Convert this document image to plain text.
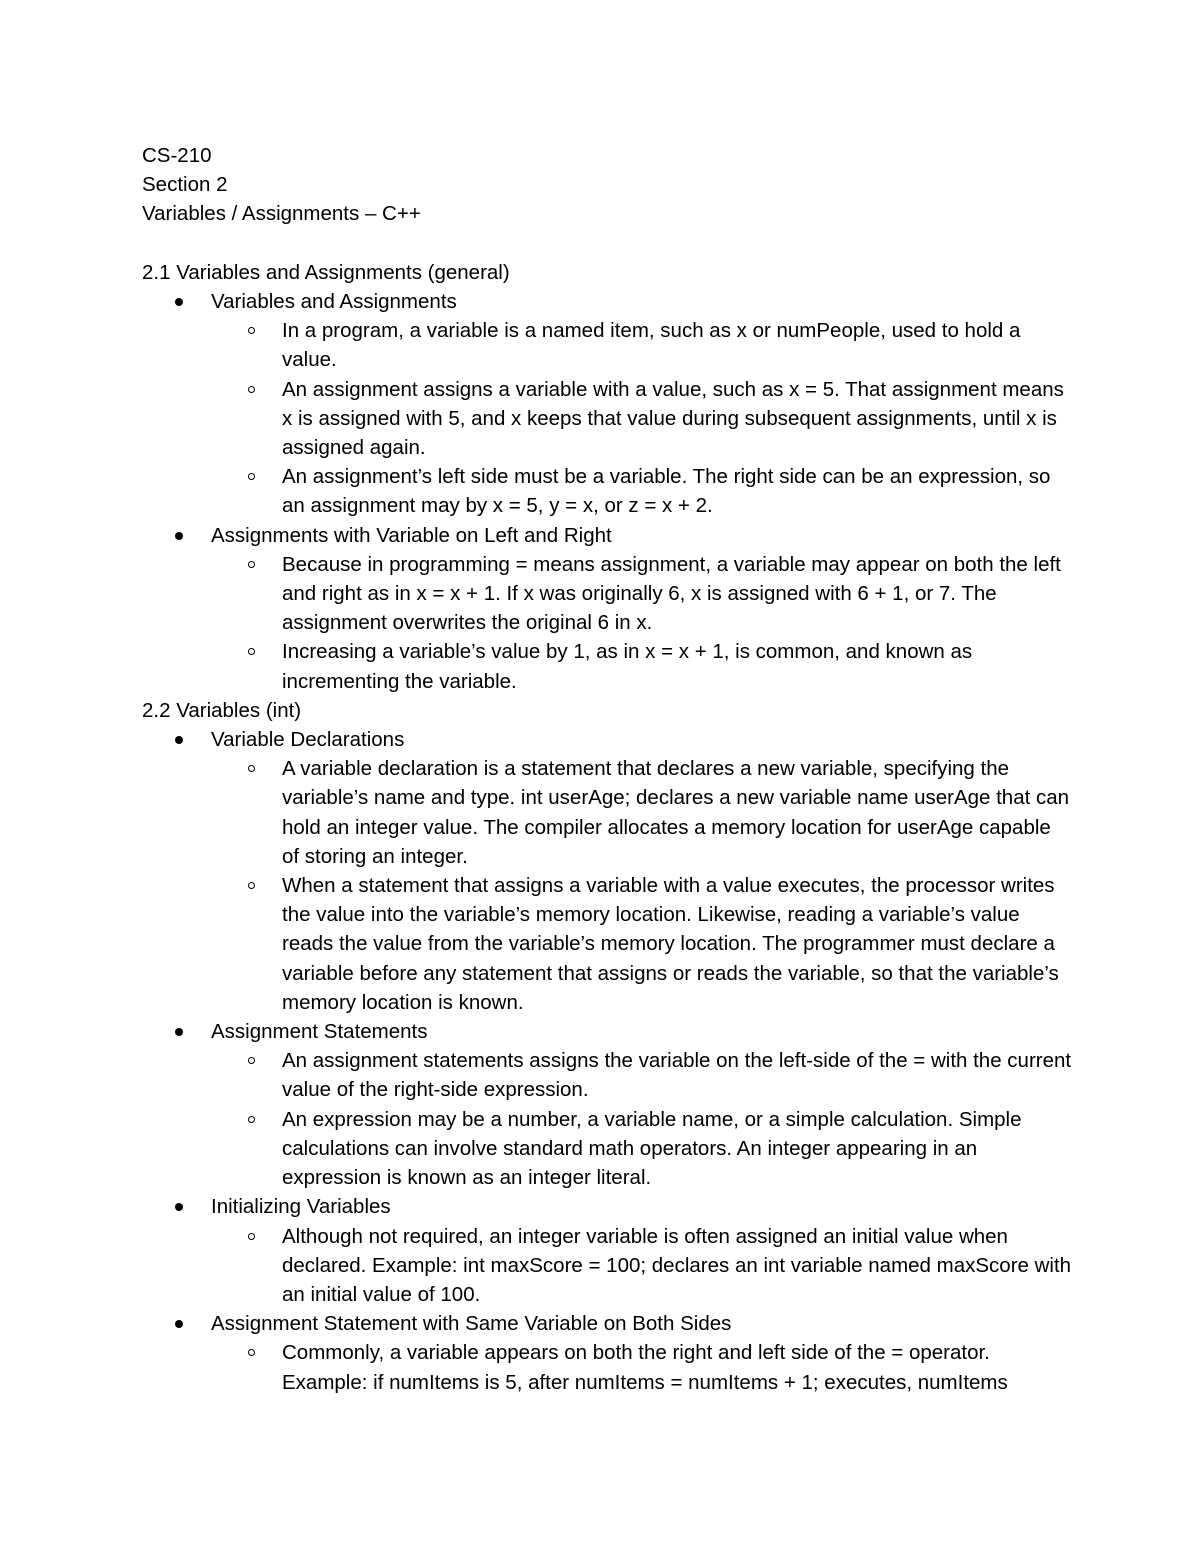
CS-210
Section 2
Variables / Assignments – C++
2.1 Variables and Assignments (general)
Variables and Assignments
In a program, a variable is a named item, such as x or numPeople, used to hold a value.
An assignment assigns a variable with a value, such as x = 5. That assignment means x is assigned with 5, and x keeps that value during subsequent assignments, until x is assigned again.
An assignment’s left side must be a variable. The right side can be an expression, so an assignment may by x = 5, y = x, or z = x + 2.
Assignments with Variable on Left and Right
Because in programming = means assignment, a variable may appear on both the left and right as in x = x + 1. If x was originally 6, x is assigned with 6 + 1, or 7. The assignment overwrites the original 6 in x.
Increasing a variable’s value by 1, as in x = x + 1, is common, and known as incrementing the variable.
2.2 Variables (int)
Variable Declarations
A variable declaration is a statement that declares a new variable, specifying the variable’s name and type. int userAge; declares a new variable name userAge that can hold an integer value. The compiler allocates a memory location for userAge capable of storing an integer.
When a statement that assigns a variable with a value executes, the processor writes the value into the variable’s memory location. Likewise, reading a variable’s value reads the value from the variable’s memory location. The programmer must declare a variable before any statement that assigns or reads the variable, so that the variable’s memory location is known.
Assignment Statements
An assignment statements assigns the variable on the left-side of the = with the current value of the right-side expression.
An expression may be a number, a variable name, or a simple calculation. Simple calculations can involve standard math operators. An integer appearing in an expression is known as an integer literal.
Initializing Variables
Although not required, an integer variable is often assigned an initial value when declared. Example: int maxScore = 100; declares an int variable named maxScore with an initial value of 100.
Assignment Statement with Same Variable on Both Sides
Commonly, a variable appears on both the right and left side of the = operator. Example: if numItems is 5, after numItems = numItems + 1; executes, numItems
